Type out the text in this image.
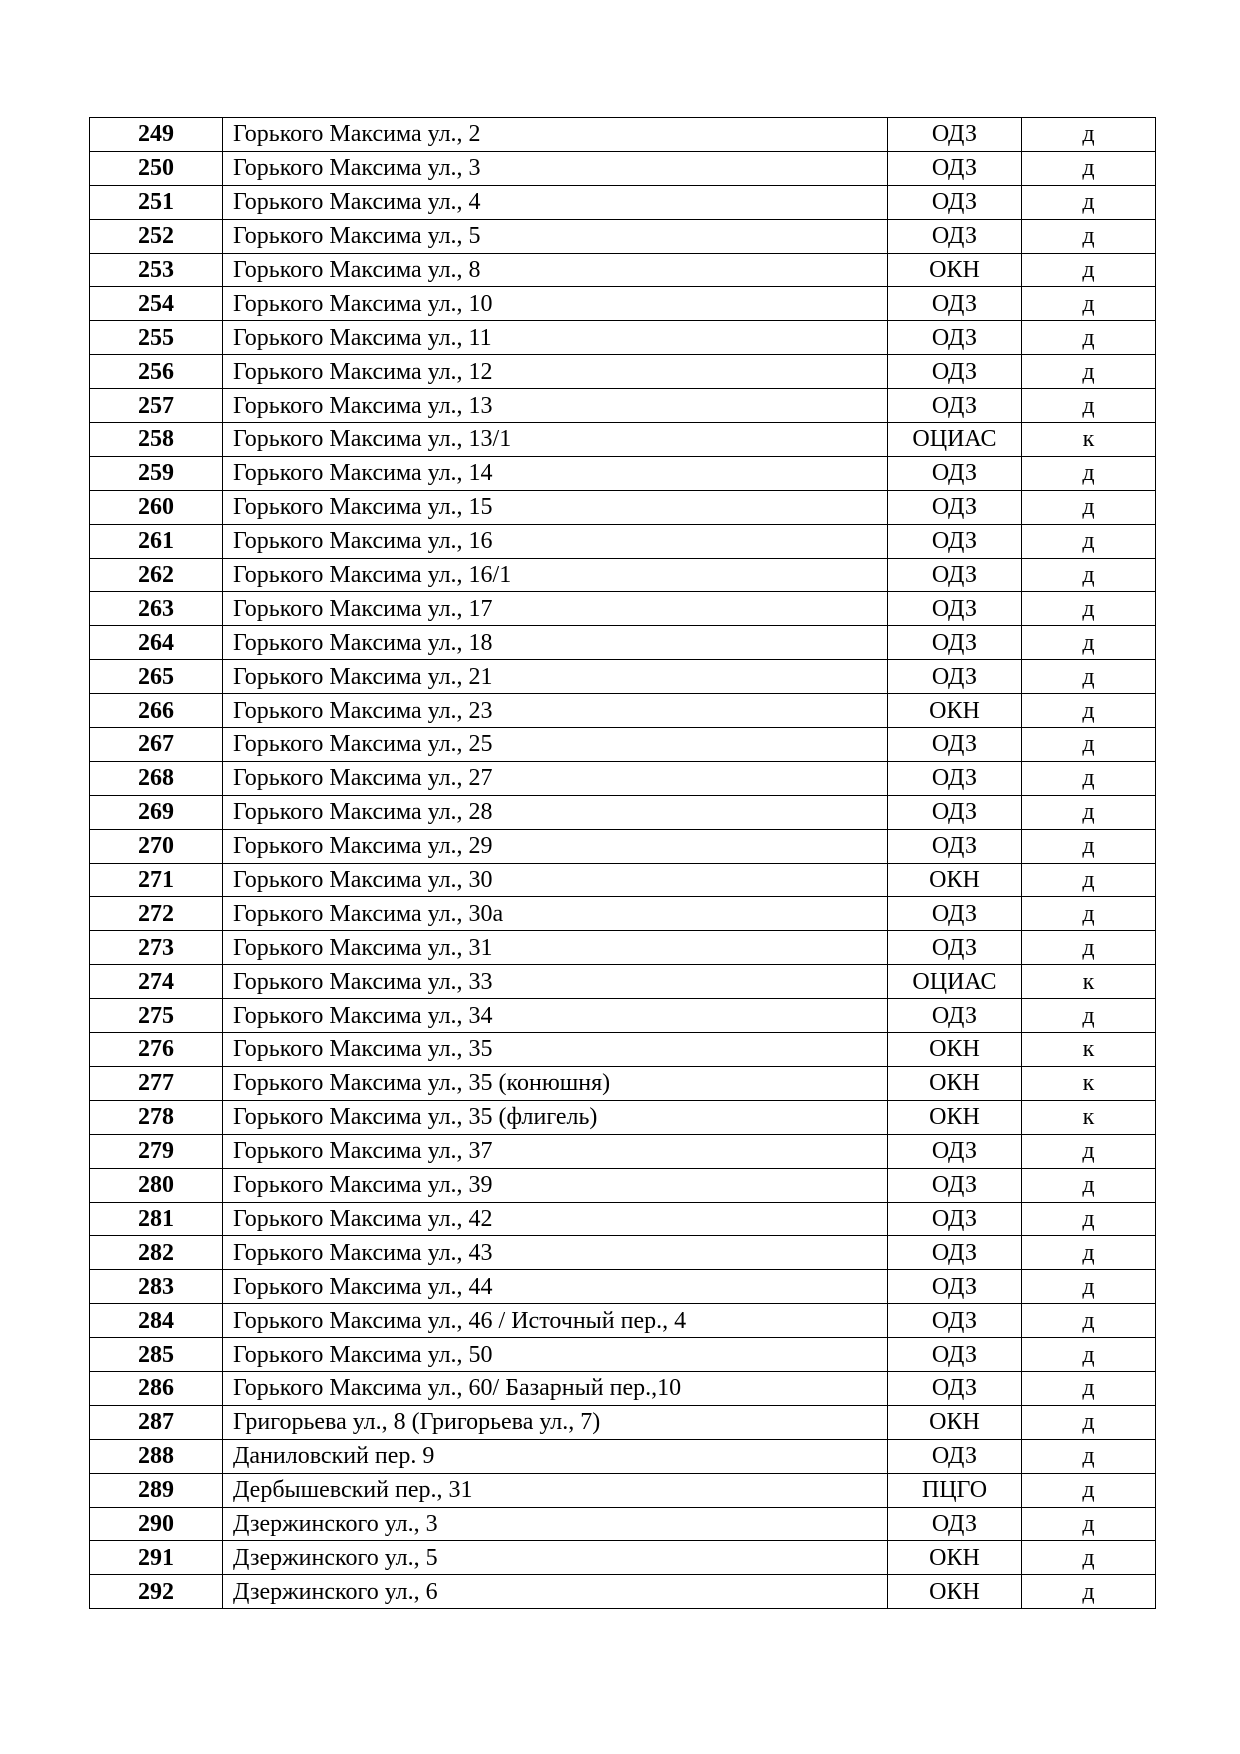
249	Горького Максима ул., 2	ОДЗ	д
250	Горького Максима ул., 3	ОДЗ	д
251	Горького Максима ул., 4	ОДЗ	д
252	Горького Максима ул., 5	ОДЗ	д
253	Горького Максима ул., 8	ОКН	д
254	Горького Максима ул., 10	ОДЗ	д
255	Горького Максима ул., 11	ОДЗ	д
256	Горького Максима ул., 12	ОДЗ	д
257	Горького Максима ул., 13	ОДЗ	д
258	Горького Максима ул., 13/1	ОЦИАС	к
259	Горького Максима ул., 14	ОДЗ	д
260	Горького Максима ул., 15	ОДЗ	д
261	Горького Максима ул., 16	ОДЗ	д
262	Горького Максима ул., 16/1	ОДЗ	д
263	Горького Максима ул., 17	ОДЗ	д
264	Горького Максима ул., 18	ОДЗ	д
265	Горького Максима ул., 21	ОДЗ	д
266	Горького Максима ул., 23	ОКН	д
267	Горького Максима ул., 25	ОДЗ	д
268	Горького Максима ул., 27	ОДЗ	д
269	Горького Максима ул., 28	ОДЗ	д
270	Горького Максима ул., 29	ОДЗ	д
271	Горького Максима ул., 30	ОКН	д
272	Горького Максима ул., 30а	ОДЗ	д
273	Горького Максима ул., 31	ОДЗ	д
274	Горького Максима ул., 33	ОЦИАС	к
275	Горького Максима ул., 34	ОДЗ	д
276	Горького Максима ул., 35	ОКН	к
277	Горького Максима ул., 35 (конюшня)	ОКН	к
278	Горького Максима ул., 35 (флигель)	ОКН	к
279	Горького Максима ул., 37	ОДЗ	д
280	Горького Максима ул., 39	ОДЗ	д
281	Горького Максима ул., 42	ОДЗ	д
282	Горького Максима ул., 43	ОДЗ	д
283	Горького Максима ул., 44	ОДЗ	д
284	Горького Максима ул., 46 / Источный пер., 4	ОДЗ	д
285	Горького Максима ул., 50	ОДЗ	д
286	Горького Максима ул., 60/ Базарный пер.,10	ОДЗ	д
287	Григорьева ул., 8 (Григорьева ул., 7)	ОКН	д
288	Даниловский пер. 9	ОДЗ	д
289	Дербышевский пер., 31	ПЦГО	д
290	Дзержинского ул., 3	ОДЗ	д
291	Дзержинского ул., 5	ОКН	д
292	Дзержинского ул., 6	ОКН	д
